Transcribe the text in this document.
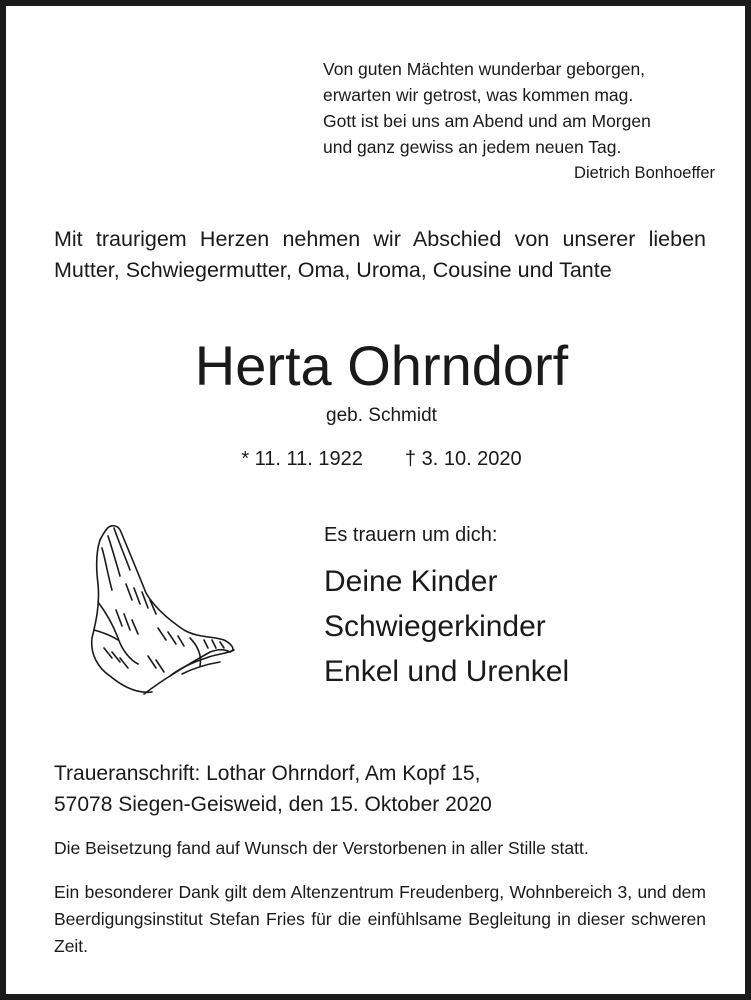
Von guten Mächten wunderbar geborgen,
erwarten wir getrost, was kommen mag.
Gott ist bei uns am Abend und am Morgen
und ganz gewiss an jedem neuen Tag.
Dietrich Bonhoeffer
Mit traurigem Herzen nehmen wir Abschied von unserer lieben Mutter, Schwiegermutter, Oma, Uroma, Cousine und Tante
Herta Ohrndorf
geb. Schmidt
* 11. 11. 1922 † 3. 10. 2020
Es trauern um dich:
Deine Kinder
Schwiegerkinder
Enkel und Urenkel
Traueranschrift: Lothar Ohrndorf, Am Kopf 15,
57078 Siegen-Geisweid, den 15. Oktober 2020
Die Beisetzung fand auf Wunsch der Verstorbenen in aller Stille statt.
Ein besonderer Dank gilt dem Altenzentrum Freudenberg, Wohnbereich 3, und dem Beerdigungsinstitut Stefan Fries für die einfühlsame Begleitung in dieser schweren Zeit.
